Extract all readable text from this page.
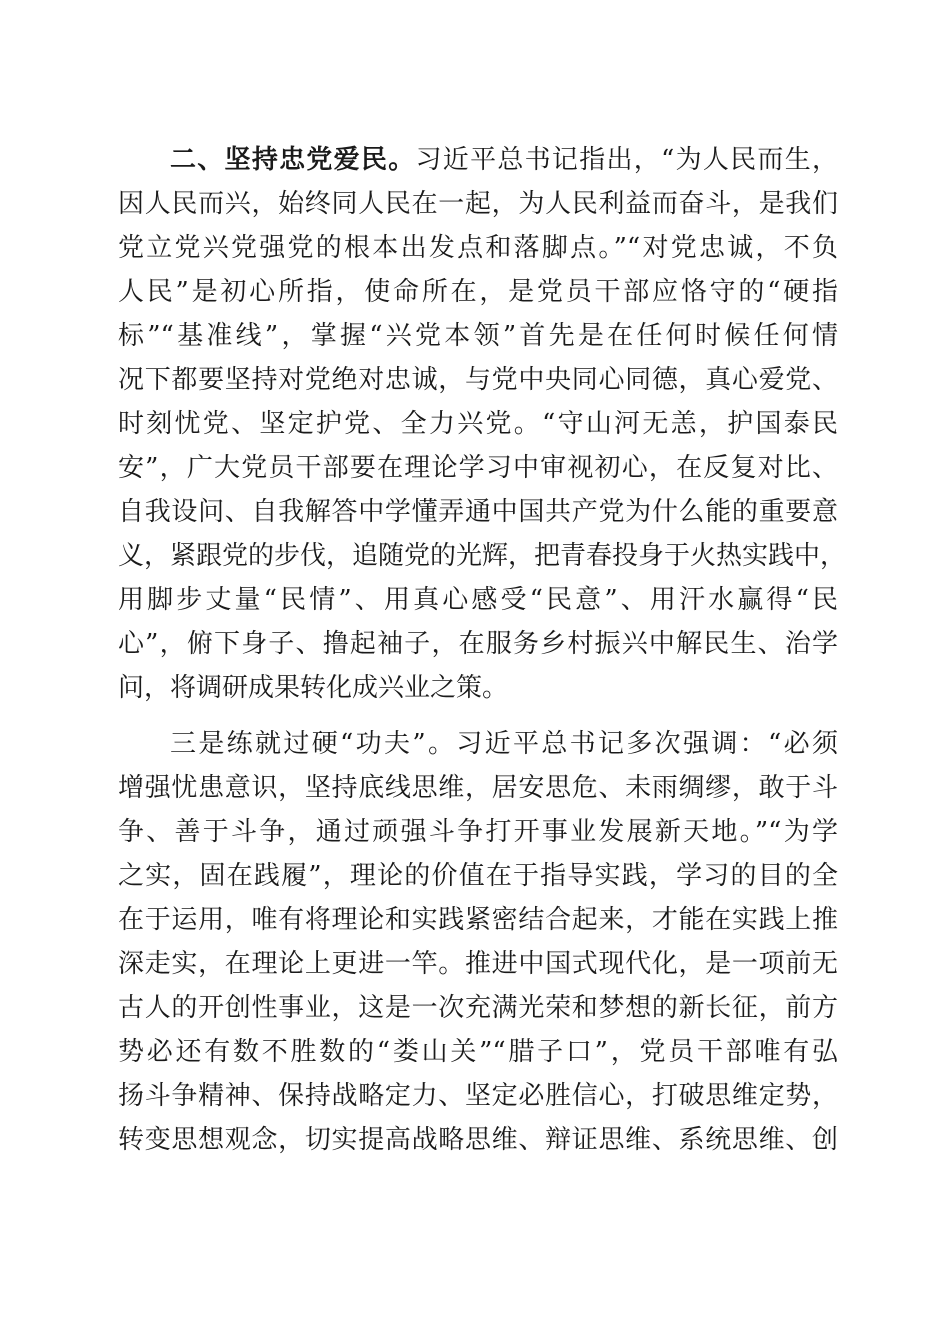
二、坚持忠党爱民。习近平总书记指出，“为人民而生，
因人民而兴，始终同人民在一起，为人民利益而奋斗，是我们
党立党兴党强党的根本出发点和落脚点。”“对党忠诚，不负
人民”是初心所指，使命所在，是党员干部应恪守的“硬指
标”“基准线”，掌握“兴党本领”首先是在任何时候任何情
况下都要坚持对党绝对忠诚，与党中央同心同德，真心爱党、
时刻忧党、坚定护党、全力兴党。“守山河无恙，护国泰民
安”，广大党员干部要在理论学习中审视初心，在反复对比、
自我设问、自我解答中学懂弄通中国共产党为什么能的重要意
义，紧跟党的步伐，追随党的光辉，把青春投身于火热实践中，
用脚步丈量“民情”、用真心感受“民意”、用汗水赢得“民
心”，俯下身子、撸起袖子，在服务乡村振兴中解民生、治学
问，将调研成果转化成兴业之策。
三是练就过硬“功夫”。习近平总书记多次强调：“必须
增强忧患意识，坚持底线思维，居安思危、未雨绸缪，敢于斗
争、善于斗争，通过顽强斗争打开事业发展新天地。”“为学
之实，固在践履”，理论的价值在于指导实践，学习的目的全
在于运用，唯有将理论和实践紧密结合起来，才能在实践上推
深走实，在理论上更进一竿。推进中国式现代化，是一项前无
古人的开创性事业，这是一次充满光荣和梦想的新长征，前方
势必还有数不胜数的“娄山关”“腊子口”，党员干部唯有弘
扬斗争精神、保持战略定力、坚定必胜信心，打破思维定势，
转变思想观念，切实提高战略思维、辩证思维、系统思维、创
